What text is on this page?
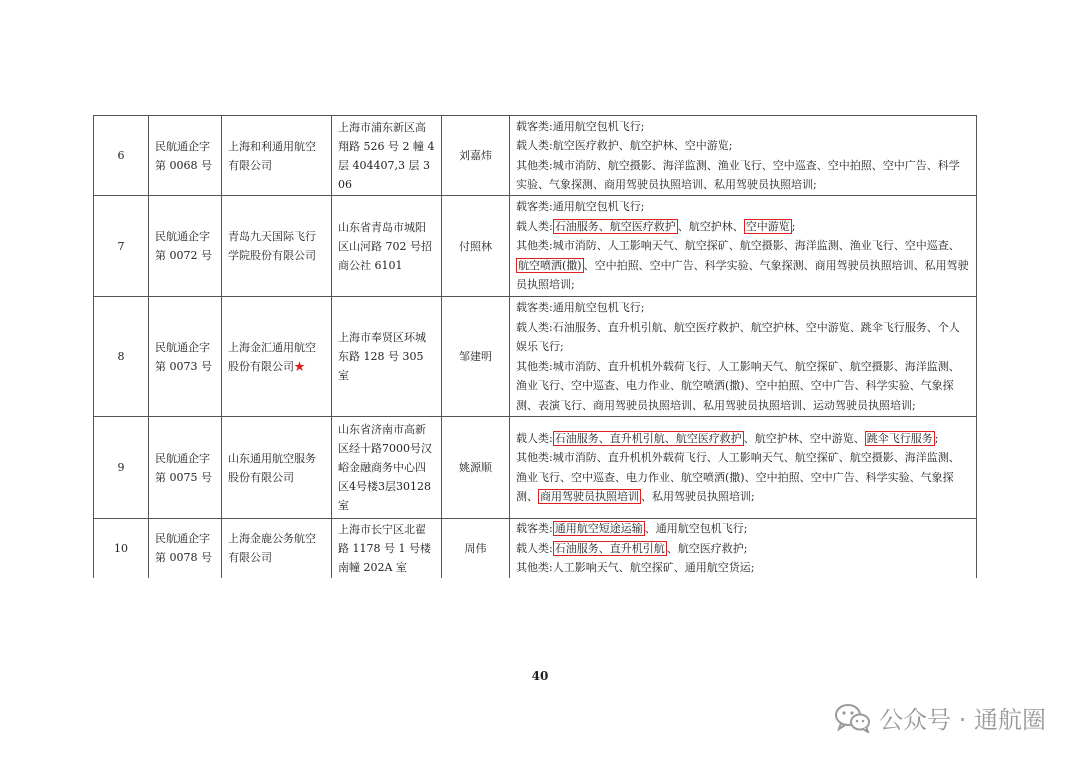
6	民航通企字第 0068 号	上海和利通用航空有限公司	上海市浦东新区高翔路 526 号 2 幢 4层 404407,3 层 306	刘嘉炜	载客类:通用航空包机飞行;
载人类:航空医疗救护、航空护林、空中游览;
其他类:城市消防、航空摄影、海洋监测、渔业飞行、空中巡查、空中拍照、空中广告、科学实验、气象探测、商用驾驶员执照培训、私用驾驶员执照培训;

7	民航通企字第 0072 号	青岛九天国际飞行学院股份有限公司	山东省青岛市城阳区山河路 702 号招商公社 6101	付照林	载客类:通用航空包机飞行;
载人类: 石油服务、航空医疗救护 、航空护林、 空中游览 ;
其他类:城市消防、人工影响天气、航空探矿、航空摄影、海洋监测、渔业飞行、空中巡查、航空喷洒(撒) 、空中拍照、空中广告、科学实验、气象探测、商用驾驶员执照培训、私用驾驶员执照培训;

8	民航通企字第 0073 号	上海金汇通用航空股份有限公司★	上海市奉贤区环城东路 128 号 305 室	邹建明	载客类:通用航空包机飞行;
载人类:石油服务、直升机引航、航空医疗救护、航空护林、空中游览、跳伞飞行服务、个人娱乐飞行;
其他类:城市消防、直升机机外载荷飞行、人工影响天气、航空探矿、航空摄影、海洋监测、渔业飞行、空中巡查、电力作业、航空喷洒(撒)、空中拍照、空中广告、科学实验、气象探测、表演飞行、商用驾驶员执照培训、私用驾驶员执照培训、运动驾驶员执照培训;

9	民航通企字第 0075 号	山东通用航空服务股份有限公司	山东省济南市高新区经十路7000号汉峪金融商务中心四区4号楼3层30128室	姚源顺	载人类: 石油服务、直升机引航、航空医疗救护 、航空护林、空中游览、 跳伞飞行服务 ;
其他类:城市消防、直升机机外载荷飞行、人工影响天气、航空探矿、航空摄影、海洋监测、渔业飞行、空中巡查、电力作业、航空喷洒(撒)、空中拍照、空中广告、科学实验、气象探测、 商用驾驶员执照培训 、私用驾驶员执照培训;

10	民航通企字第 0078 号	上海金鹿公务航空有限公司	上海市长宁区北翟路 1178 号 1 号楼南幢 202A 室	周伟	载客类: 通用航空短途运输 、通用航空包机飞行;
载人类: 石油服务、直升机引航 、航空医疗救护;
其他类:人工影响天气、航空探矿、通用航空货运;
40
公众号 · 通航圈
